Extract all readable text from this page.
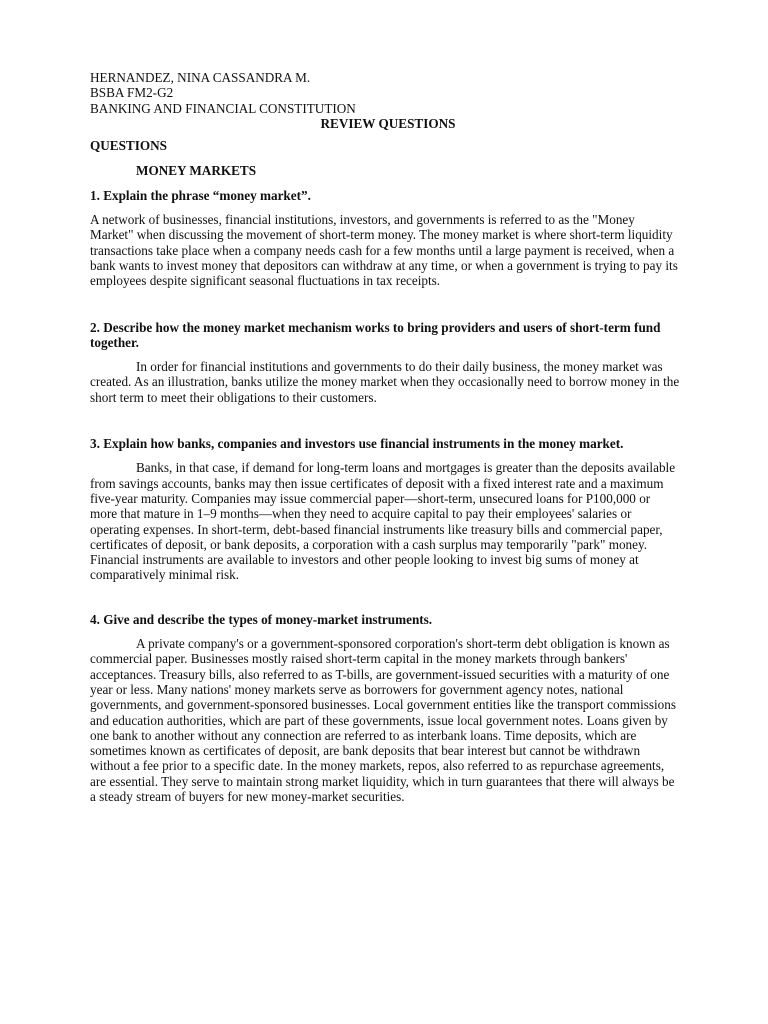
HERNANDEZ, NINA CASSANDRA M.

BSBA FM2-G2

BANKING AND FINANCIAL CONSTITUTION

REVIEW QUESTIONS

QUESTIONS

MONEY MARKETS

1. Explain the phrase “money market”.

A network of businesses, financial institutions, investors, and governments is referred to as the "Money Market" when discussing the movement of short-term money. The money market is where short-term liquidity transactions take place when a company needs cash for a few months until a large payment is received, when a bank wants to invest money that depositors can withdraw at any time, or when a government is trying to pay its employees despite significant seasonal fluctuations in tax receipts.

2. Describe how the money market mechanism works to bring providers and users of short-term fund together.

In order for financial institutions and governments to do their daily business, the money market was created. As an illustration, banks utilize the money market when they occasionally need to borrow money in the short term to meet their obligations to their customers.

3. Explain how banks, companies and investors use financial instruments in the money market.

Banks, in that case, if demand for long-term loans and mortgages is greater than the deposits available from savings accounts, banks may then issue certificates of deposit with a fixed interest rate and a maximum five-year maturity. Companies may issue commercial paper—short-term, unsecured loans for P100,000 or more that mature in 1–9 months—when they need to acquire capital to pay their employees' salaries or operating expenses. In short-term, debt-based financial instruments like treasury bills and commercial paper, certificates of deposit, or bank deposits, a corporation with a cash surplus may temporarily "park" money. Financial instruments are available to investors and other people looking to invest big sums of money at comparatively minimal risk.

4. Give and describe the types of money-market instruments.

A private company's or a government-sponsored corporation's short-term debt obligation is known as commercial paper. Businesses mostly raised short-term capital in the money markets through bankers' acceptances. Treasury bills, also referred to as T-bills, are government-issued securities with a maturity of one year or less. Many nations' money markets serve as borrowers for government agency notes, national governments, and government-sponsored businesses. Local government entities like the transport commissions and education authorities, which are part of these governments, issue local government notes. Loans given by one bank to another without any connection are referred to as interbank loans. Time deposits, which are sometimes known as certificates of deposit, are bank deposits that bear interest but cannot be withdrawn without a fee prior to a specific date. In the money markets, repos, also referred to as repurchase agreements, are essential. They serve to maintain strong market liquidity, which in turn guarantees that there will always be a steady stream of buyers for new money-market securities.
